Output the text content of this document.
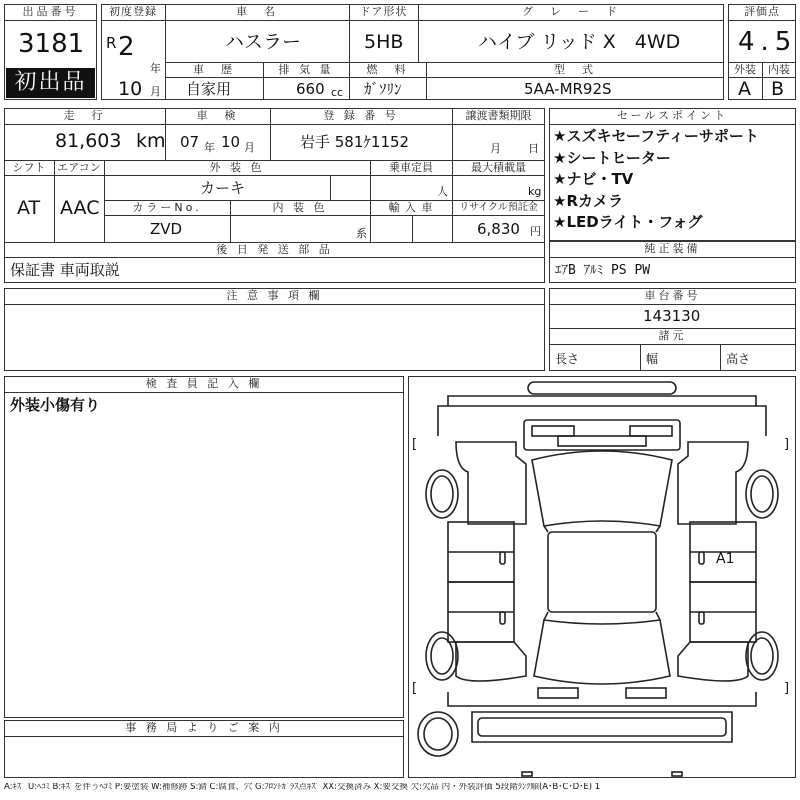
出品番号
3181
初出品
初度登録
R 2
年
10 月
車　名
ハスラー
ドア形状
5HB
グ　レ　ー　ド
ハイブ リッド X　4WD
車　歴
自家用
排 気 量
660 cc
燃　料
ｶﾞｿﾘﾝ
型　式
5AA-MR92S
評価点
4.5
外装	内装
A B
走　行
81,603 km
車　検
07 年 10 月
登 録 番 号
岩手 581ｹ1152
譲渡書類期限
月 日
シフト
AT
エアコン
AAC
外 装 色
カーキ
乗車定員
人
最大積載量
kg
カラーNo.
ZVD
内 装 色
系
輸 入 車	リサイクル預託金
6,830 円
後 日 発 送 部 品
保証書 車両取説
セールスポイント
★スズキセーフティーサポート
★シートヒーター
★ナビ・TV
★Rカメラ
★LEDライト・フォグ
純正装備
ｴｱB ｱﾙﾐ PS PW
注 意 事 項 欄	車台番号
143130
諸元
長さ	幅	高さ
検 査 員 記 入 欄
外装小傷有り
事 務 局 よ り ご 案 内
[	]
[	]
A1
A:ｷｽﾞ U:ﾍｺﾐ B:ｷｽﾞを伴うﾍｺﾐ P:要塗装 W:補修跡 S:錆 C:腐食、穴 G:ﾌﾛﾝﾄｶﾞﾗｽ点ｷｽﾞ XX:交換済み X:要交換 欠:欠品 内・外装評価 5段階ﾗﾝｸ順(A･B･C･D･E) 1
